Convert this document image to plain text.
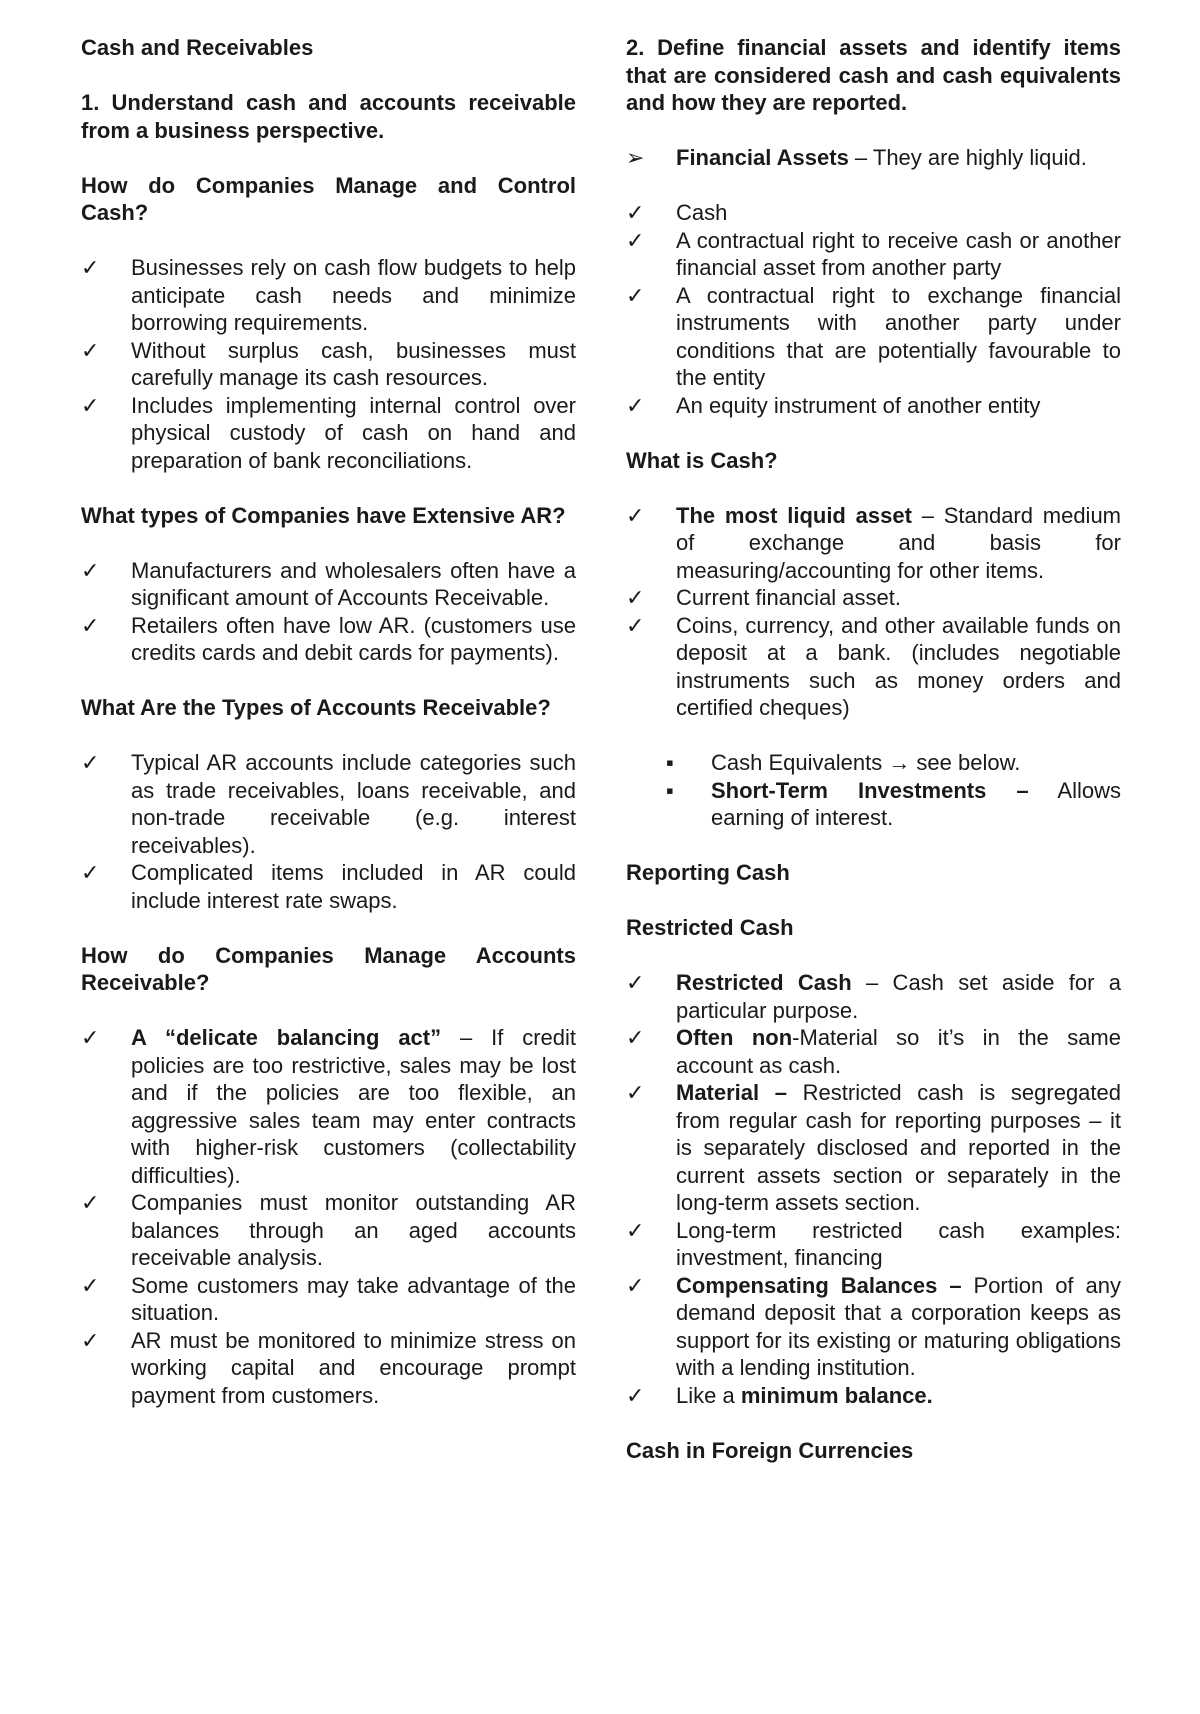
Cash and Receivables

1. Understand cash and accounts receivable from a business perspective.

How do Companies Manage and Control Cash?

✓	Businesses rely on cash flow budgets to help anticipate cash needs and minimize borrowing requirements.
✓	Without surplus cash, businesses must carefully manage its cash resources.
✓	Includes implementing internal control over physical custody of cash on hand and preparation of bank reconciliations.

What types of Companies have Extensive AR?

✓	Manufacturers and wholesalers often have a significant amount of Accounts Receivable.
✓	Retailers often have low AR. (customers use credits cards and debit cards for payments).

What Are the Types of Accounts Receivable?

✓	Typical AR accounts include categories such as trade receivables, loans receivable, and non-trade receivable (e.g. interest receivables).
✓	Complicated items included in AR could include interest rate swaps.

How do Companies Manage Accounts Receivable?

✓	A “delicate balancing act” – If credit policies are too restrictive, sales may be lost and if the policies are too flexible, an aggressive sales team may enter contracts with higher-risk customers (collectability difficulties).
✓	Companies must monitor outstanding AR balances through an aged accounts receivable analysis.
✓	Some customers may take advantage of the situation.
✓	AR must be monitored to minimize stress on working capital and encourage prompt payment from customers.

2. Define financial assets and identify items that are considered cash and cash equivalents and how they are reported.

➢	Financial Assets – They are highly liquid.
✓	Cash
✓	A contractual right to receive cash or another financial asset from another party
✓	A contractual right to exchange financial instruments with another party under conditions that are potentially favourable to the entity
✓	An equity instrument of another entity

What is Cash?

✓	The most liquid asset – Standard medium of exchange and basis for measuring/accounting for other items.
✓	Current financial asset.
✓	Coins, currency, and other available funds on deposit at a bank. (includes negotiable instruments such as money orders and certified cheques)
▪	Cash Equivalents → see below.
▪	Short-Term Investments – Allows earning of interest.

Reporting Cash

Restricted Cash

✓	Restricted Cash – Cash set aside for a particular purpose.
✓	Often non-Material so it’s in the same account as cash.
✓	Material – Restricted cash is segregated from regular cash for reporting purposes – it is separately disclosed and reported in the current assets section or separately in the long-term assets section.
✓	Long-term restricted cash examples: investment, financing
✓	Compensating Balances – Portion of any demand deposit that a corporation keeps as support for its existing or maturing obligations with a lending institution.
✓	Like a minimum balance.

Cash in Foreign Currencies
